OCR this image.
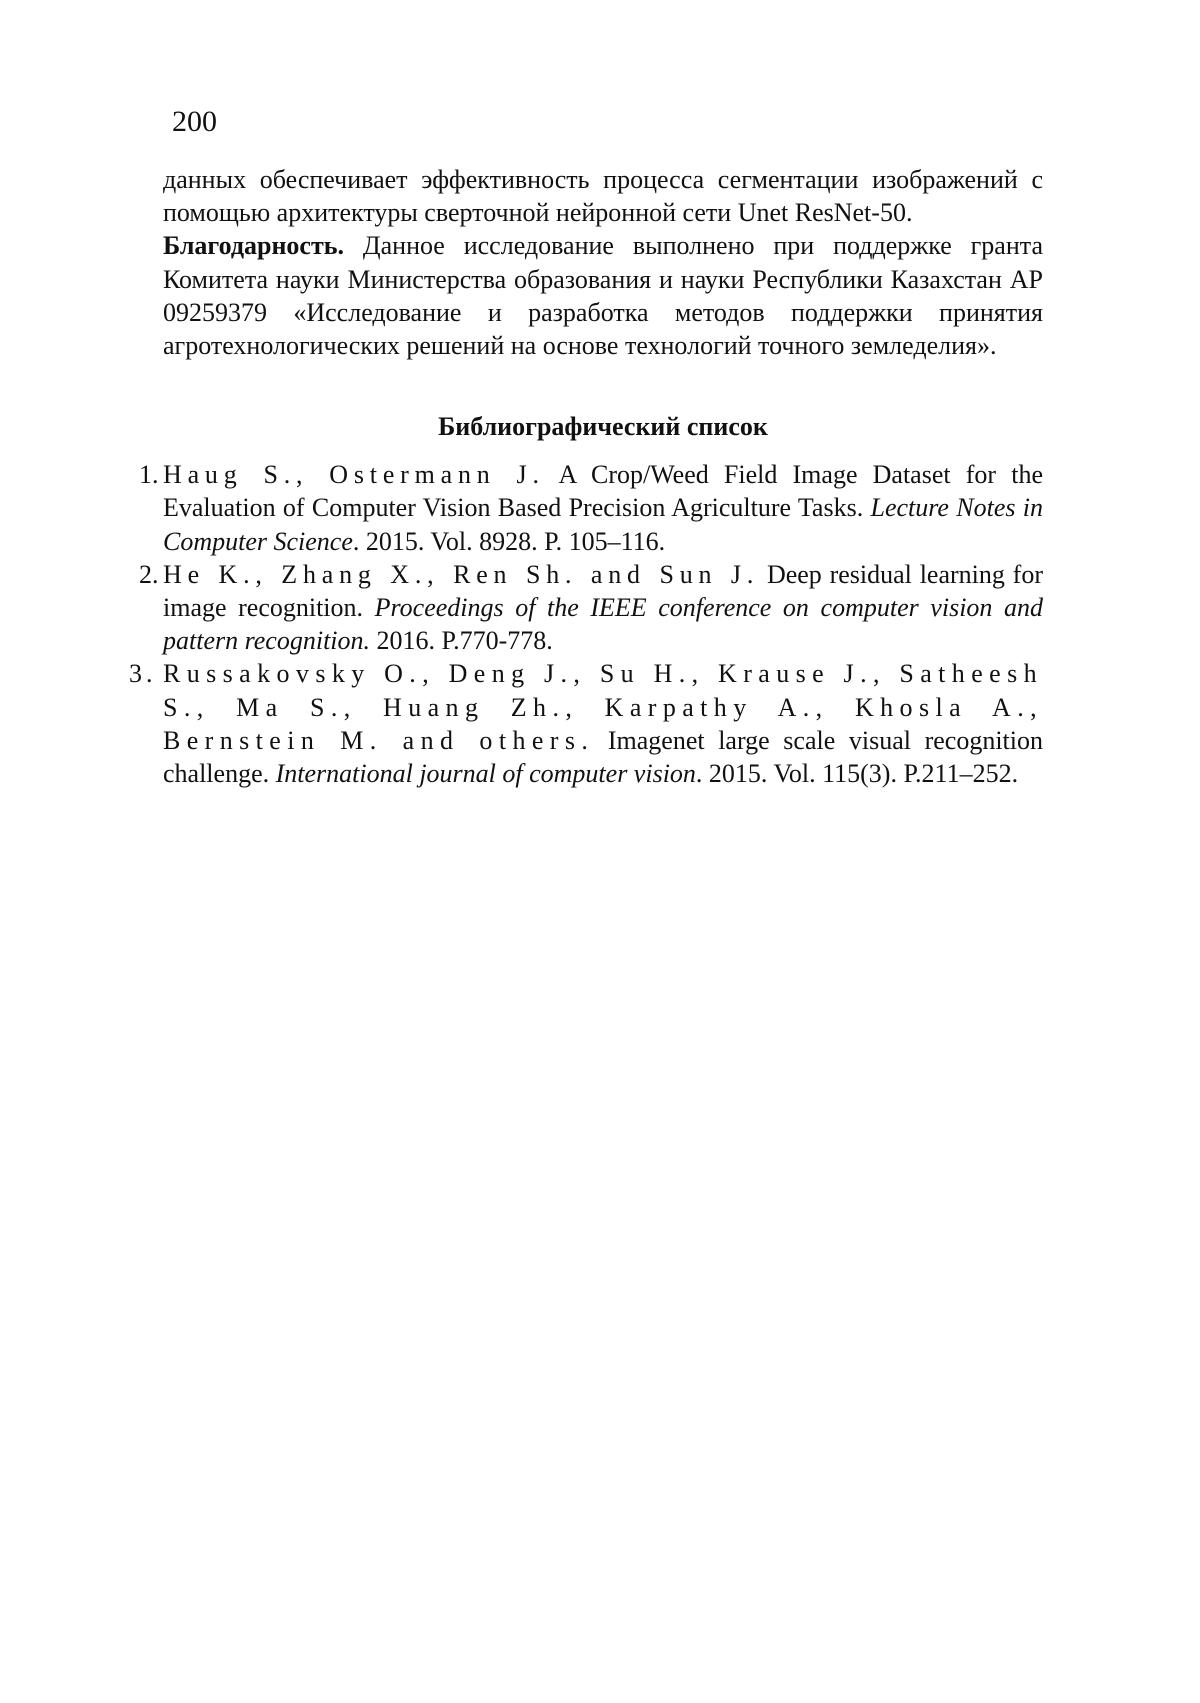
200

данных обеспечивает эффективность процесса сегментации изображений с помощью архитектуры сверточной нейронной сети Unet ResNet-50.

Благодарность. Данное исследование выполнено при поддержке гранта Комитета науки Министерства образования и науки Республики Казахстан AP 09259379 «Исследование и разработка методов поддержки принятия агротехнологических решений на основе технологий точного земледелия».

Библиографический список
1. Haug S., Ostermann J. A Crop/Weed Field Image Dataset for the Evaluation of Computer Vision Based Precision Agriculture Tasks. Lecture Notes in Computer Science. 2015. Vol. 8928. P. 105–116.
2. He K., Zhang X., Ren Sh. and Sun J. Deep residual learning for image recognition. Proceedings of the IEEE conference on computer vision and pattern recognition. 2016. P.770-778.
3. Russakovsky O., Deng J., Su H., Krause J., Satheesh S., Ma S., Huang Zh., Karpathy A., Khosla A., Bernstein M. and others. Imagenet large scale visual recognition challenge. International journal of computer vision. 2015. Vol. 115(3). P.211–252.
